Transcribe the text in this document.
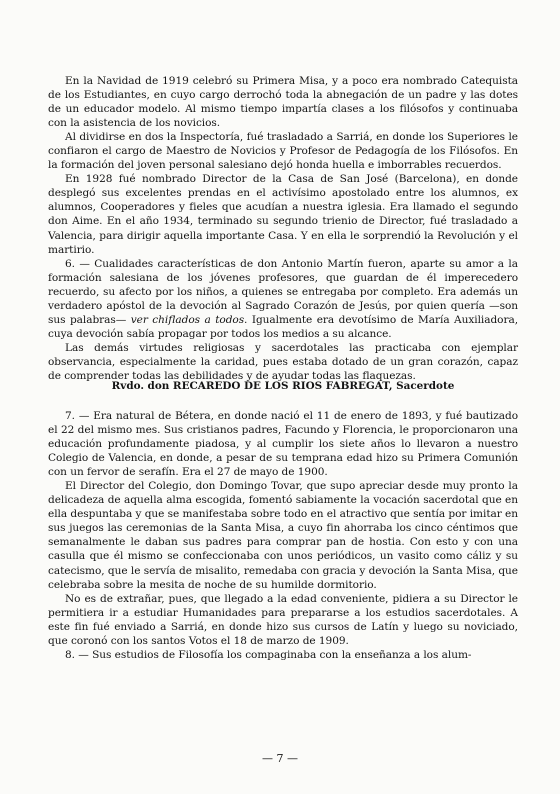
En la Navidad de 1919 celebró su Primera Misa, y a poco era nombrado Catequista de los Estudiantes, en cuyo cargo derrochó toda la abnegación de un padre y las dotes de un educador modelo. Al mismo tiempo impartía clases a los filósofos y continuaba con la asistencia de los novicios.

Al dividirse en dos la Inspectoría, fué trasladado a Sarriá, en donde los Superiores le confiaron el cargo de Maestro de Novicios y Profesor de Pedagogía de los Filósofos. En la formación del joven personal salesiano dejó honda huella e imborrables recuerdos.

En 1928 fué nombrado Director de la Casa de San José (Barcelona), en donde desplegó sus excelentes prendas en el activísimo apostolado entre los alumnos, ex alumnos, Cooperadores y fieles que acudían a nuestra iglesia. Era llamado el segundo don Aime. En el año 1934, terminado su segundo trienio de Director, fué trasladado a Valencia, para dirigir aquella importante Casa. Y en ella le sorprendió la Revolución y el martirio.

6. — Cualidades características de don Antonio Martín fueron, aparte su amor a la formación salesiana de los jóvenes profesores, que guardan de él imperecedero recuerdo, su afecto por los niños, a quienes se entregaba por completo. Era además un verdadero apóstol de la devoción al Sagrado Corazón de Jesús, por quien quería —son sus palabras— ver chiflados a todos. Igualmente era devotísimo de María Auxiliadora, cuya devoción sabía propagar por todos los medios a su alcance.

Las demás virtudes religiosas y sacerdotales las practicaba con ejemplar observancia, especialmente la caridad, pues estaba dotado de un gran corazón, capaz de comprender todas las debilidades y de ayudar todas las flaquezas.

Rvdo. don RECAREDO DE LOS RIOS FABREGAT, Sacerdote

7. — Era natural de Bétera, en donde nació el 11 de enero de 1893, y fué bautizado el 22 del mismo mes. Sus cristianos padres, Facundo y Florencia, le proporcionaron una educación profundamente piadosa, y al cumplir los siete años lo llevaron a nuestro Colegio de Valencia, en donde, a pesar de su temprana edad hizo su Primera Comunión con un fervor de serafín. Era el 27 de mayo de 1900.

El Director del Colegio, don Domingo Tovar, que supo apreciar desde muy pronto la delicadeza de aquella alma escogida, fomentó sabiamente la vocación sacerdotal que en ella despuntaba y que se manifestaba sobre todo en el atractivo que sentía por imitar en sus juegos las ceremonias de la Santa Misa, a cuyo fin ahorraba los cinco céntimos que semanalmente le daban sus padres para comprar pan de hostia. Con esto y con una casulla que él mismo se confeccionaba con unos periódicos, un vasito como cáliz y su catecismo, que le servía de misalito, remedaba con gracia y devoción la Santa Misa, que celebraba sobre la mesita de noche de su humilde dormitorio.

No es de extrañar, pues, que llegado a la edad conveniente, pidiera a su Director le permitiera ir a estudiar Humanidades para prepararse a los estudios sacerdotales. A este fin fué enviado a Sarriá, en donde hizo sus cursos de Latín y luego su noviciado, que coronó con los santos Votos el 18 de marzo de 1909.

8. — Sus estudios de Filosofía los compaginaba con la enseñanza a los alum-

— 7 —
